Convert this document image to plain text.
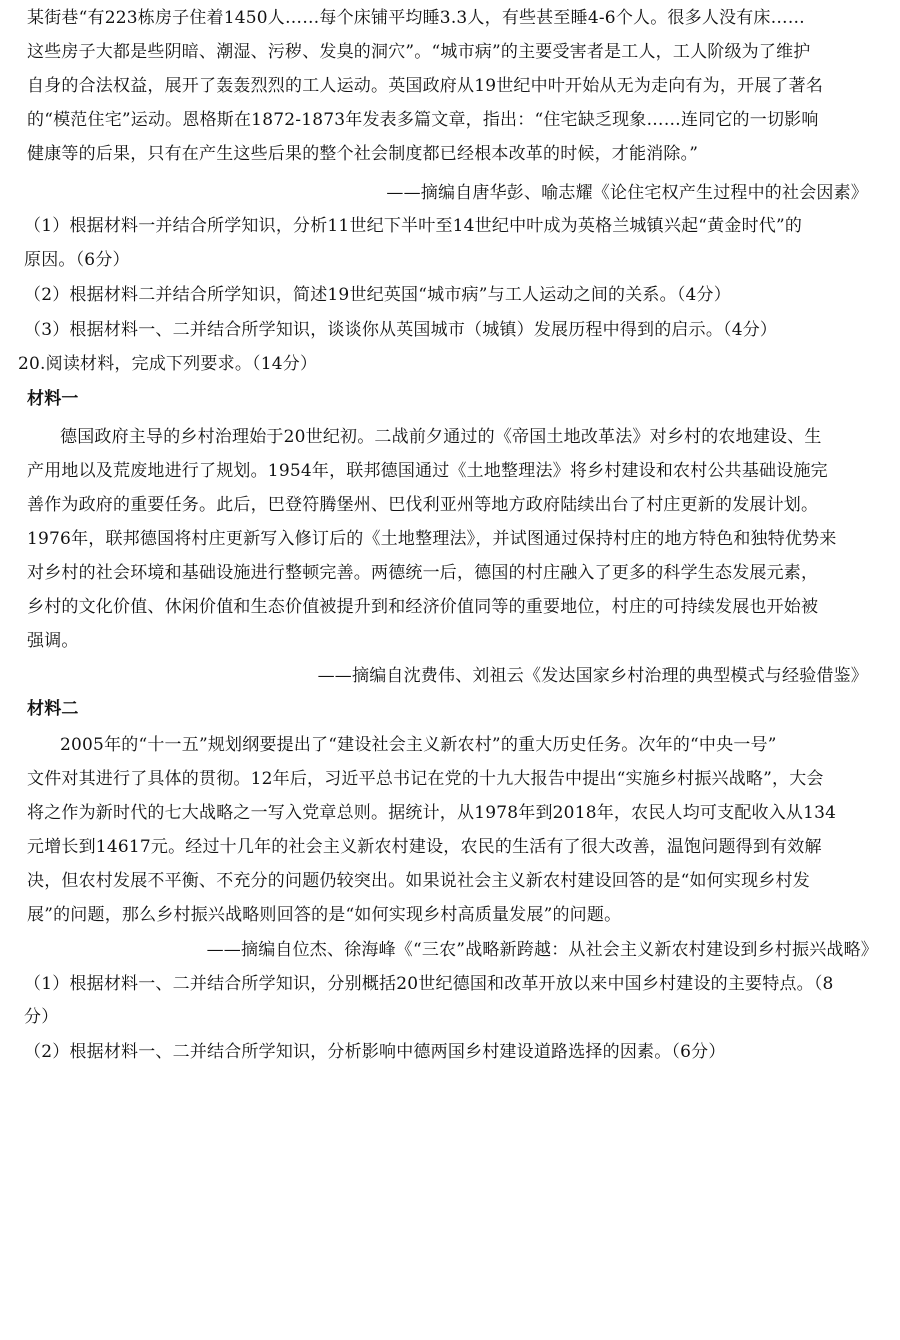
某街巷“有223栋房子住着1450人……每个床铺平均睡3.3人，有些甚至睡4-6个人。很多人没有床……
这些房子大都是些阴暗、潮湿、污秽、发臭的洞穴”。“城市病”的主要受害者是工人，工人阶级为了维护
自身的合法权益，展开了轰轰烈烈的工人运动。英国政府从19世纪中叶开始从无为走向有为，开展了著名
的“模范住宅”运动。恩格斯在1872-1873年发表多篇文章，指出：“住宅缺乏现象……连同它的一切影响
健康等的后果，只有在产生这些后果的整个社会制度都已经根本改革的时候，才能消除。”
——摘编自唐华彭、喻志耀《论住宅权产生过程中的社会因素》
（1）根据材料一并结合所学知识，分析11世纪下半叶至14世纪中叶成为英格兰城镇兴起“黄金时代”的
原因。（6分）
（2）根据材料二并结合所学知识，简述19世纪英国“城市病”与工人运动之间的关系。（4分）
（3）根据材料一、二并结合所学知识，谈谈你从英国城市（城镇）发展历程中得到的启示。（4分）
20.阅读材料，完成下列要求。（14分）
材料一
德国政府主导的乡村治理始于20世纪初。二战前夕通过的《帝国土地改革法》对乡村的农地建设、生
产用地以及荒废地进行了规划。1954年，联邦德国通过《土地整理法》将乡村建设和农村公共基础设施完
善作为政府的重要任务。此后，巴登符腾堡州、巴伐利亚州等地方政府陆续出台了村庄更新的发展计划。
1976年，联邦德国将村庄更新写入修订后的《土地整理法》，并试图通过保持村庄的地方特色和独特优势来
对乡村的社会环境和基础设施进行整顿完善。两德统一后，德国的村庄融入了更多的科学生态发展元素，
乡村的文化价值、休闲价值和生态价值被提升到和经济价值同等的重要地位，村庄的可持续发展也开始被
强调。
——摘编自沈费伟、刘祖云《发达国家乡村治理的典型模式与经验借鉴》
材料二
2005年的“十一五”规划纲要提出了“建设社会主义新农村”的重大历史任务。次年的“中央一号”
文件对其进行了具体的贯彻。12年后，习近平总书记在党的十九大报告中提出“实施乡村振兴战略”，大会
将之作为新时代的七大战略之一写入党章总则。据统计，从1978年到2018年，农民人均可支配收入从134
元增长到14617元。经过十几年的社会主义新农村建设，农民的生活有了很大改善，温饱问题得到有效解
决，但农村发展不平衡、不充分的问题仍较突出。如果说社会主义新农村建设回答的是“如何实现乡村发
展”的问题，那么乡村振兴战略则回答的是“如何实现乡村高质量发展”的问题。
——摘编自位杰、徐海峰《“三农”战略新跨越：从社会主义新农村建设到乡村振兴战略》
（1）根据材料一、二并结合所学知识，分别概括20世纪德国和改革开放以来中国乡村建设的主要特点。（8
分）
（2）根据材料一、二并结合所学知识，分析影响中德两国乡村建设道路选择的因素。（6分）
